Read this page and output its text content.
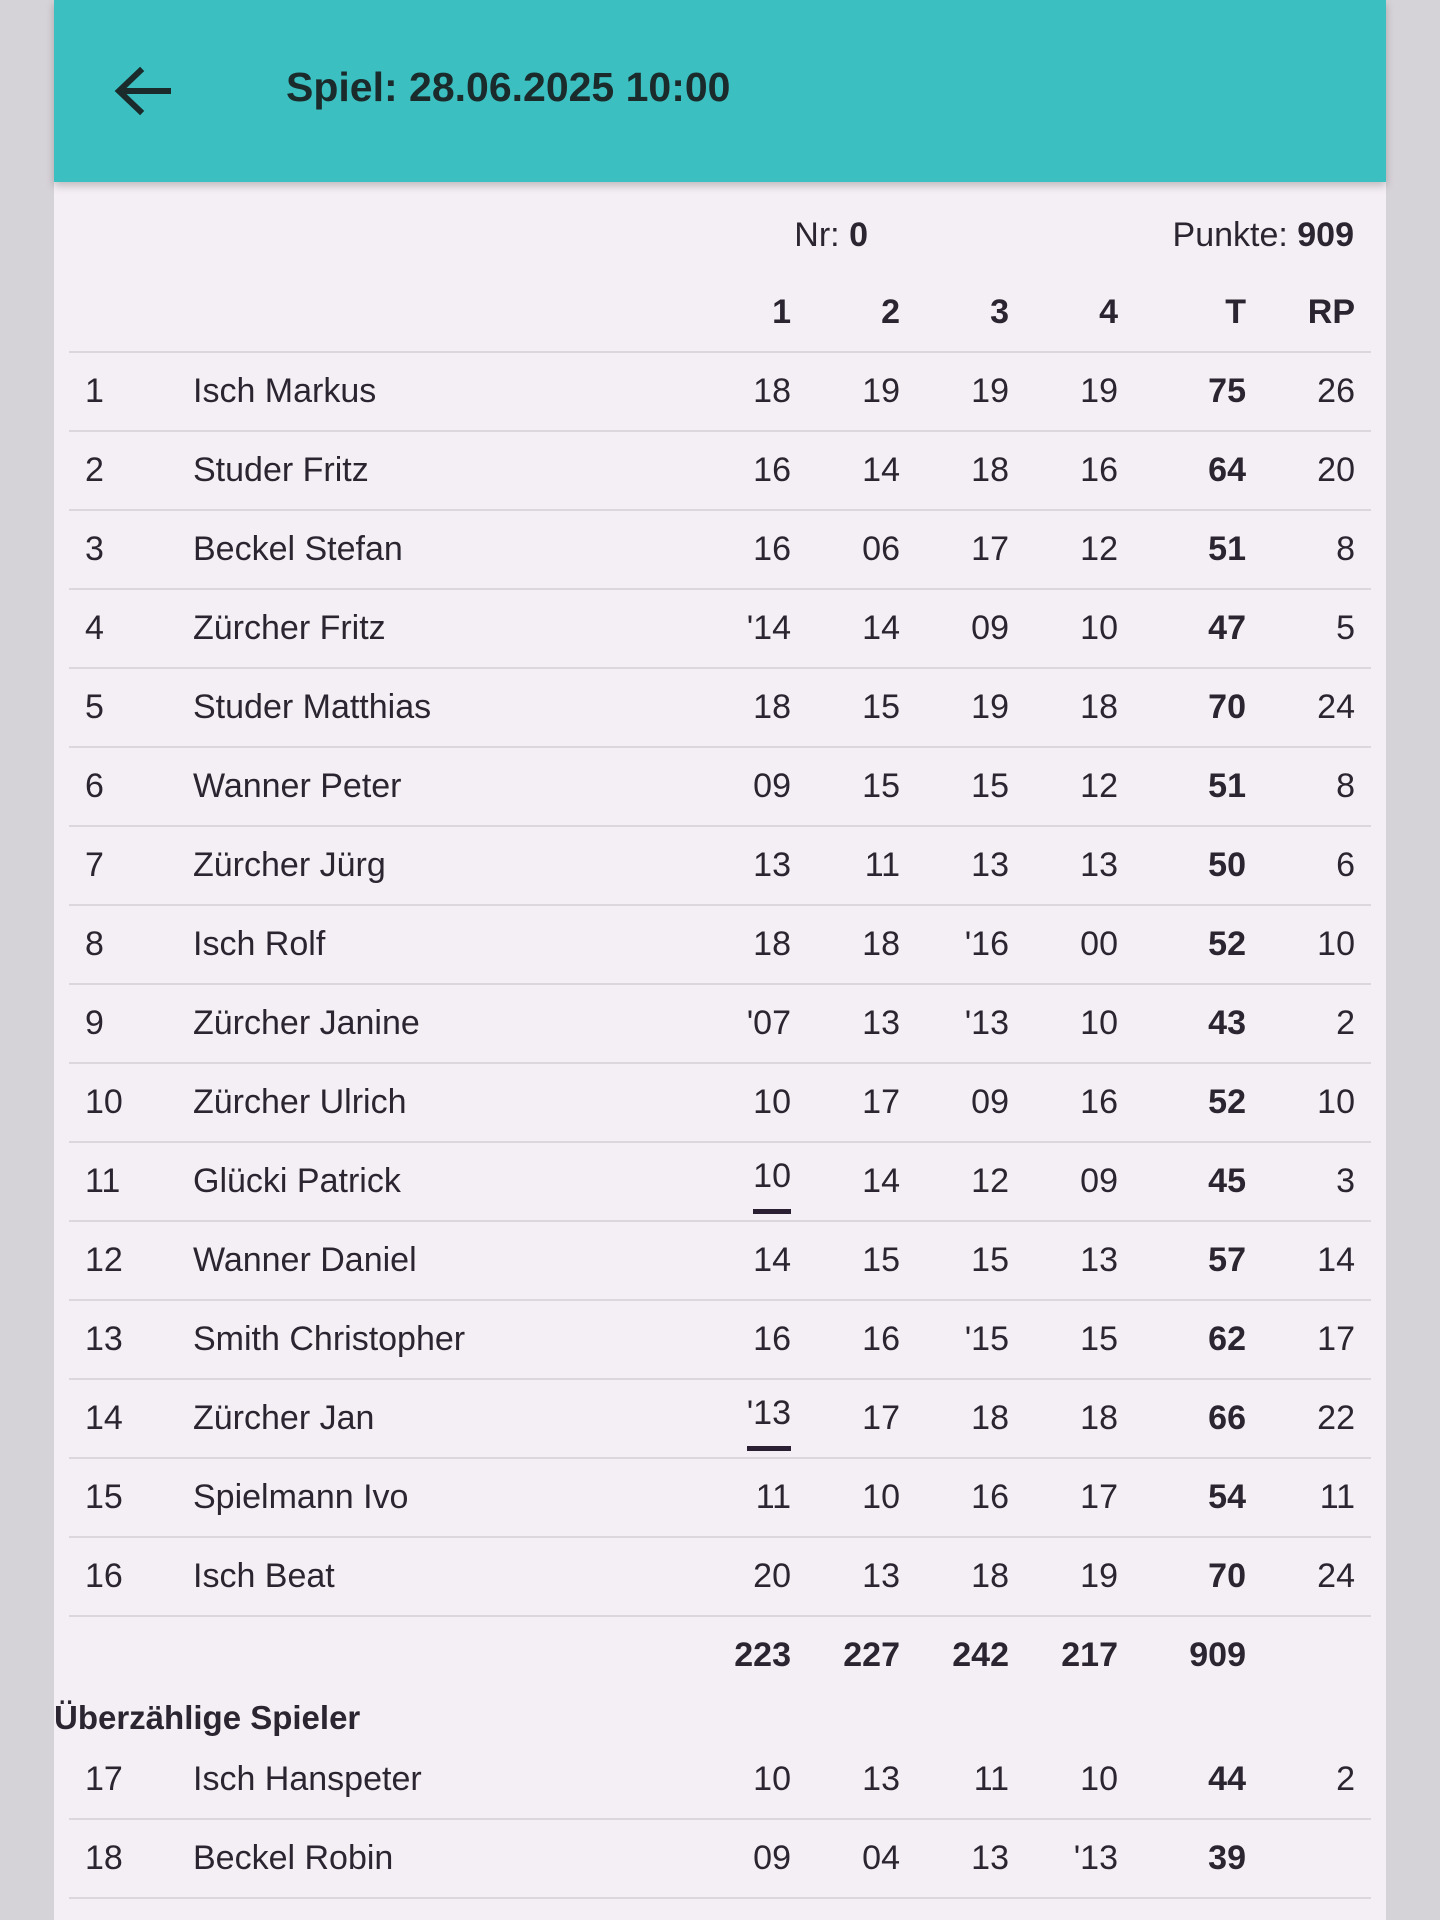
Spiel: 28.06.2025 10:00
Nr: 0	Punkte: 909
1	2	3	4	T RP
1	Isch Markus	18 19 19 19	75 26
2	Studer Fritz	16 14 18 16	64 20
3	Beckel Stefan	16 06 17 12	51	8
4	Zürcher Fritz	'14 14 09 10	47	5
5	Studer Matthias	18 15 19 18	70 24
6	Wanner Peter	09 15 15 12	51	8
7	Zürcher Jürg	13 11 13 13	50	6
8	Isch Rolf	18 18 '16 00	52 10
9	Zürcher Janine	'07 13 '13 10	43	2
10 Zürcher Ulrich	10 17 09 16	52 10
11 Glücki Patrick	10 14 12 09	45	3
12 Wanner Daniel	14 15 15 13	57 14
13 Smith Christopher	16 16 '15 15	62 17
14 Zürcher Jan	'13 17 18 18	66 22
15 Spielmann Ivo	11 10 16 17	54 11
16 Isch Beat	20 13 18 19	70 24
223 227 242 217 909
Überzählige Spieler
17 Isch Hanspeter	10 13 11 10	44	2
18 Beckel Robin	09 04 13 '13	39
